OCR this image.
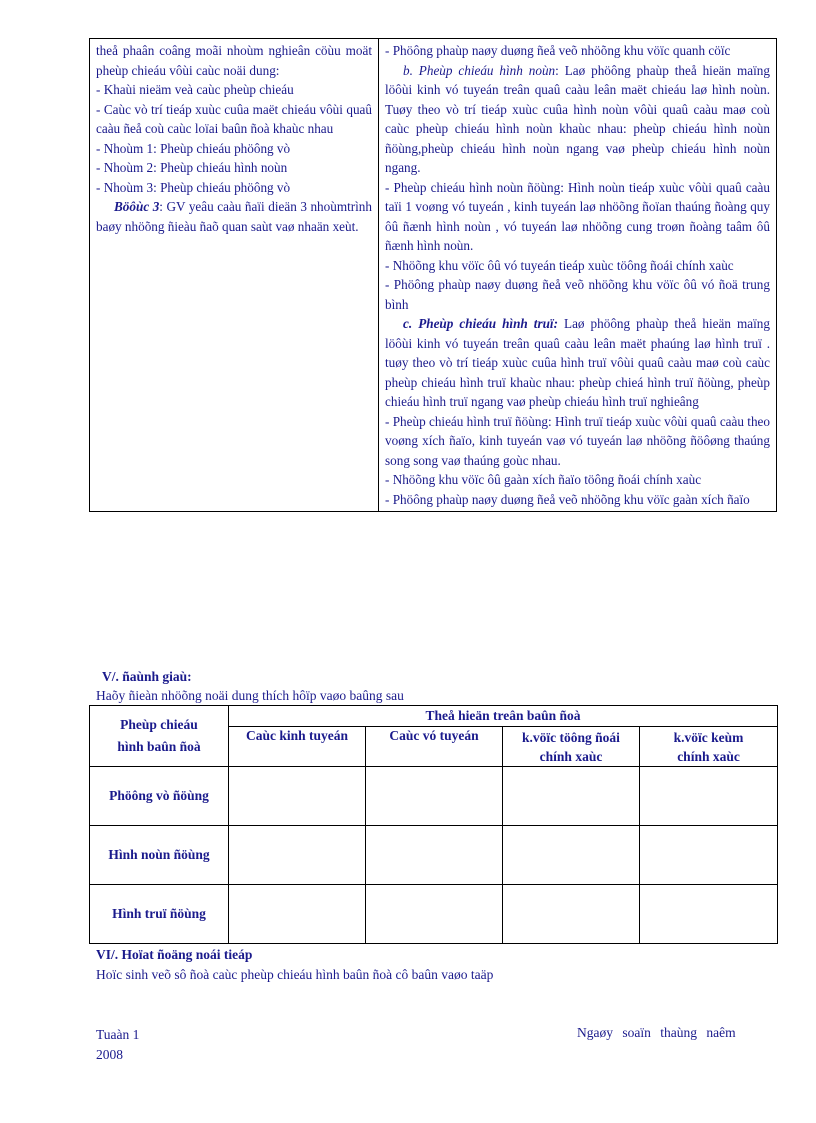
theå phaân coâng moãi nhoùm nghieân cöùu moät pheùp chieáu vôùi caùc noäi dung:
- Khaùi nieäm veà caùc pheùp chieáu
- Caùc vò trí tieáp xuùc cuûa maët chieáu vôùi quaû caàu ñeå coù caùc loïai baûn ñoà khaùc nhau
- Nhoùm 1: Pheùp chieáu phöông vò
- Nhoùm 2: Pheùp chieáu hình noùn
- Nhoùm 3: Pheùp chieáu phöông vò
Böôùc 3: GV yeâu caàu ñaïi dieän 3 nhoùmtrình baøy nhöõng ñieàu ñaõ quan saùt vaø nhaän xeùt.

- Phöông phaùp naøy duøng ñeå veõ nhöõng khu vöïc quanh cöïc
b. Pheùp chieáu hình noùn: Laø phöông phaùp theå hieän maïng löôùi kinh vó tuyeán treân quaû caàu leân maët chieáu laø hình noùn. Tuøy theo vò trí tieáp xuùc cuûa hình noùn vôùi quaû caàu maø coù caùc pheùp chieáu hình noùn khaùc nhau: pheùp chieáu hình noùn ñöùng,pheùp chieáu hình noùn ngang vaø pheùp chieáu hình noùn ngang.
- Pheùp chieáu hình noùn ñöùng: Hình noùn tieáp xuùc vôùi quaû caàu taïi 1 voøng vó tuyeán , kinh tuyeán laø nhöõng ñoïan thaúng ñoàng quy ôû ñænh hình noùn , vó tuyeán laø nhöõng cung troøn ñoàng taâm ôû ñænh hình noùn.
- Nhöõng khu vöïc ôû vó tuyeán tieáp xuùc töông ñoái chính xaùc
- Phöông phaùp naøy duøng ñeå veõ nhöõng khu vöïc ôû vó ñoä trung bình
c. Pheùp chieáu hình truï: Laø phöông phaùp theå hieän maïng löôùi kinh vó tuyeán treân quaû caàu leân maët phaúng laø hình truï . tuøy theo vò trí tieáp xuùc cuûa hình truï vôùi quaû caàu maø coù caùc pheùp chieáu hình truï khaùc nhau: pheùp chieá hình truï ñöùng, pheùp chieáu hình truï ngang vaø pheùp chieáu hình truï nghieâng
- Pheùp chieáu hình truï ñöùng: Hình truï tieáp xuùc vôùi quaû caàu theo voøng xích ñaïo, kinh tuyeán vaø vó tuyeán laø nhöõng ñöôøng thaúng song song vaø thaúng goùc nhau.
- Nhöõng khu vöïc ôû gaàn xích ñaïo töông ñoái chính xaùc
- Phöông phaùp naøy duøng ñeå veõ nhöõng khu vöïc gaàn xích ñaïo
V/. ñaùnh giaù:
Haõy ñieàn nhöõng noäi dung thích hôïp vaøo baûng sau
Pheùp chieáu hình baûn ñoà	Theå hieän treân baûn ñoà			
	Caùc kinh tuyeán	Caùc vó tuyeán	k.vöïc töông ñoái chính xaùc	k.vöïc keùm chính xaùc
Phöông vò ñöùng				
Hình noùn ñöùng				
Hình truï ñöùng				
VI/. Hoïat ñoäng noái tieáp
Hoïc sinh veõ sô ñoà caùc pheùp chieáu hình baûn ñoà cô baûn vaøo taäp
Tuaàn 1
2008
Ngaøy soaïn thaùng naêm
